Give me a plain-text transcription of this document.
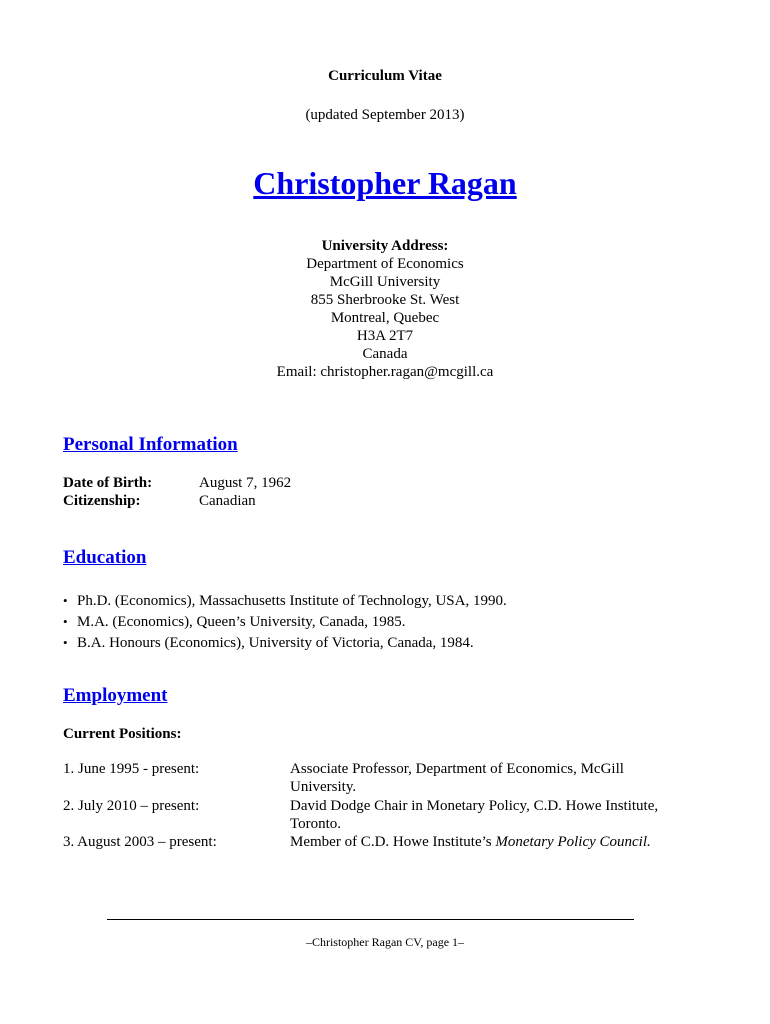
Curriculum Vitae
(updated September 2013)
Christopher Ragan
University Address:
Department of Economics
McGill University
855 Sherbrooke St. West
Montreal, Quebec
H3A 2T7
Canada
Email: christopher.ragan@mcgill.ca
Personal Information
Date of Birth:	August 7, 1962
Citizenship:	Canadian
Education
• Ph.D. (Economics), Massachusetts Institute of Technology, USA, 1990.
• M.A. (Economics), Queen’s University, Canada, 1985.
• B.A. Honours (Economics), University of Victoria, Canada, 1984.
Employment
Current Positions:
1. June 1995 - present:	Associate Professor, Department of Economics, McGill
University.
2. July 2010 – present:	David Dodge Chair in Monetary Policy, C.D. Howe Institute,
Toronto.
3. August 2003 – present:	Member of C.D. Howe Institute’s Monetary Policy Council.
–Christopher Ragan CV, page 1–
